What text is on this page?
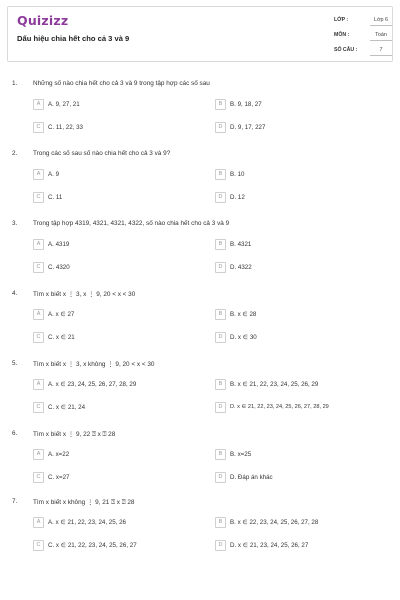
Quizizz
Dấu hiệu chia hết cho cả 3 và 9
LỚP :	Lớp 6
MÔN :	Toán
SỐ CÂU :	7
1. Những số nào chia hết cho cả 3 và 9 trong tập hợp các số sau
A	A. 9, 27, 21	B	B. 9, 18, 27
C	C. 11, 22, 33	D	D. 9, 17, 227
2. Trong các số sau số nào chia hết cho cả 3 và 9?
A	A. 9	B	B. 10
C	C. 11	D	D. 12
3. Trong tập hợp 4319, 4321, 4321, 4322, số nào chia hết cho cả 3 và 9
A	A. 4319	B	B. 4321
C	C. 4320	D	D. 4322
4. Tìm x biết x ⋮ 3, x ⋮ 9, 20 < x < 30
A	A. x ∈ 27	B	B. x ∈ 28
C	C. x ∈ 21	D	D. x ∈ 30
5. Tìm x biết x ⋮ 3, x không ⋮ 9, 20 < x < 30
A	A. x ∈ 23, 24, 25, 26, 27, 28, 29	B	B. x ∈ 21, 22, 23, 24, 25, 26, 29
C	C. x ∈ 21, 24	D	D. x ∈ 21, 22, 23, 24, 25, 26, 27, 28, 29
6. Tìm x biết x ⋮ 9, 22 ⍰ x ⍰ 28
A	A. x=22	B	B. x=25
C	C. x=27	D	D. Đáp án khác
7. Tìm x biết x không ⋮ 9, 21 ⍰ x ⍰ 28
A	A. x ∈ 21, 22, 23, 24, 25, 26	B	B. x ∈ 22, 23, 24, 25, 26, 27, 28
C	C. x ∈ 21, 22, 23, 24, 25, 26, 27	D	D. x ∈ 21, 23, 24, 25, 26, 27
